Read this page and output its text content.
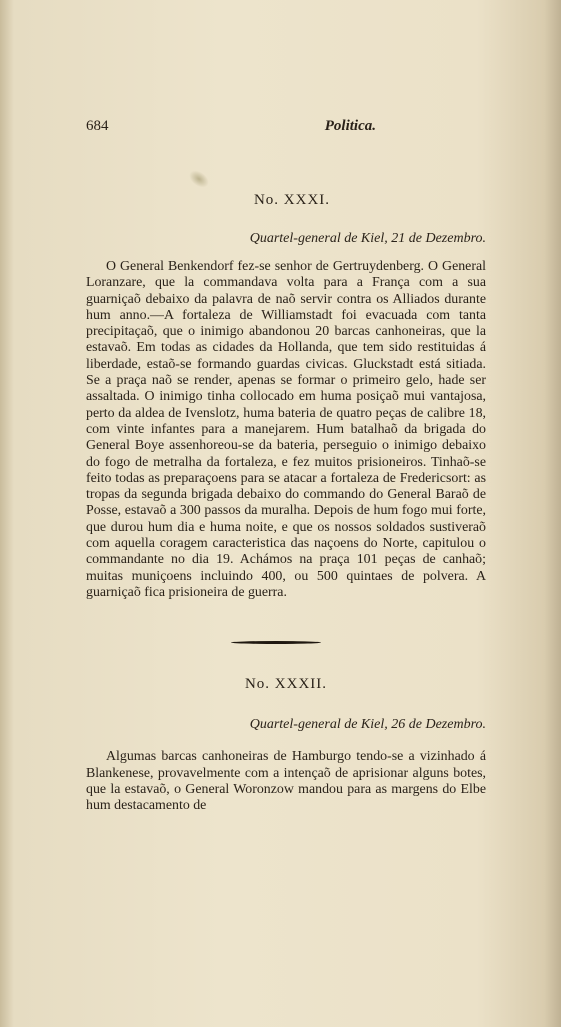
684	Politica.
No. XXXI.
Quartel-general de Kiel, 21 de Dezembro.

O General Benkendorf fez-se senhor de Gertruydenberg. O General Loranzare, que la commandava volta para a França com a sua guarniçaõ debaixo da palavra de naõ servir contra os Alliados durante hum anno.—A fortaleza de Williamstadt foi evacuada com tanta precipitaçaõ, que o inimigo abandonou 20 barcas canhoneiras, que la estavaõ. Em todas as cidades da Hollanda, que tem sido restituidas á liberdade, estaõ-se formando guardas civicas. Gluckstadt está sitiada. Se a praça naõ se render, apenas se formar o primeiro gelo, hade ser assaltada. O inimigo tinha collocado em huma posiçaõ mui vantajosa, perto da aldea de Ivenslotz, huma bateria de quatro peças de calibre 18, com vinte infantes para a manejarem. Hum batalhaõ da brigada do General Boye assenhoreou-se da bateria, perseguio o inimigo debaixo do fogo de metralha da fortaleza, e fez muitos prisioneiros. Tinhaõ-se feito todas as preparaçoens para se atacar a fortaleza de Fredericsort: as tropas da segunda brigada debaixo do commando do General Baraõ de Posse, estavaõ a 300 passos da muralha. Depois de hum fogo mui forte, que durou hum dia e huma noite, e que os nossos soldados sustiveraõ com aquella coragem caracteristica das naçoens do Norte, capitulou o commandante no dia 19. Achámos na praça 101 peças de canhaõ; muitas muniçoens incluindo 400, ou 500 quintaes de polvera. A guarniçaõ fica prisioneira de guerra.

No. XXXII.
Quartel-general de Kiel, 26 de Dezembro.

Algumas barcas canhoneiras de Hamburgo tendo-se a vizinhado á Blankenese, provavelmente com a intençaõ de aprisionar alguns botes, que la estavaõ, o General Woronzow mandou para as margens do Elbe hum destacamento de
